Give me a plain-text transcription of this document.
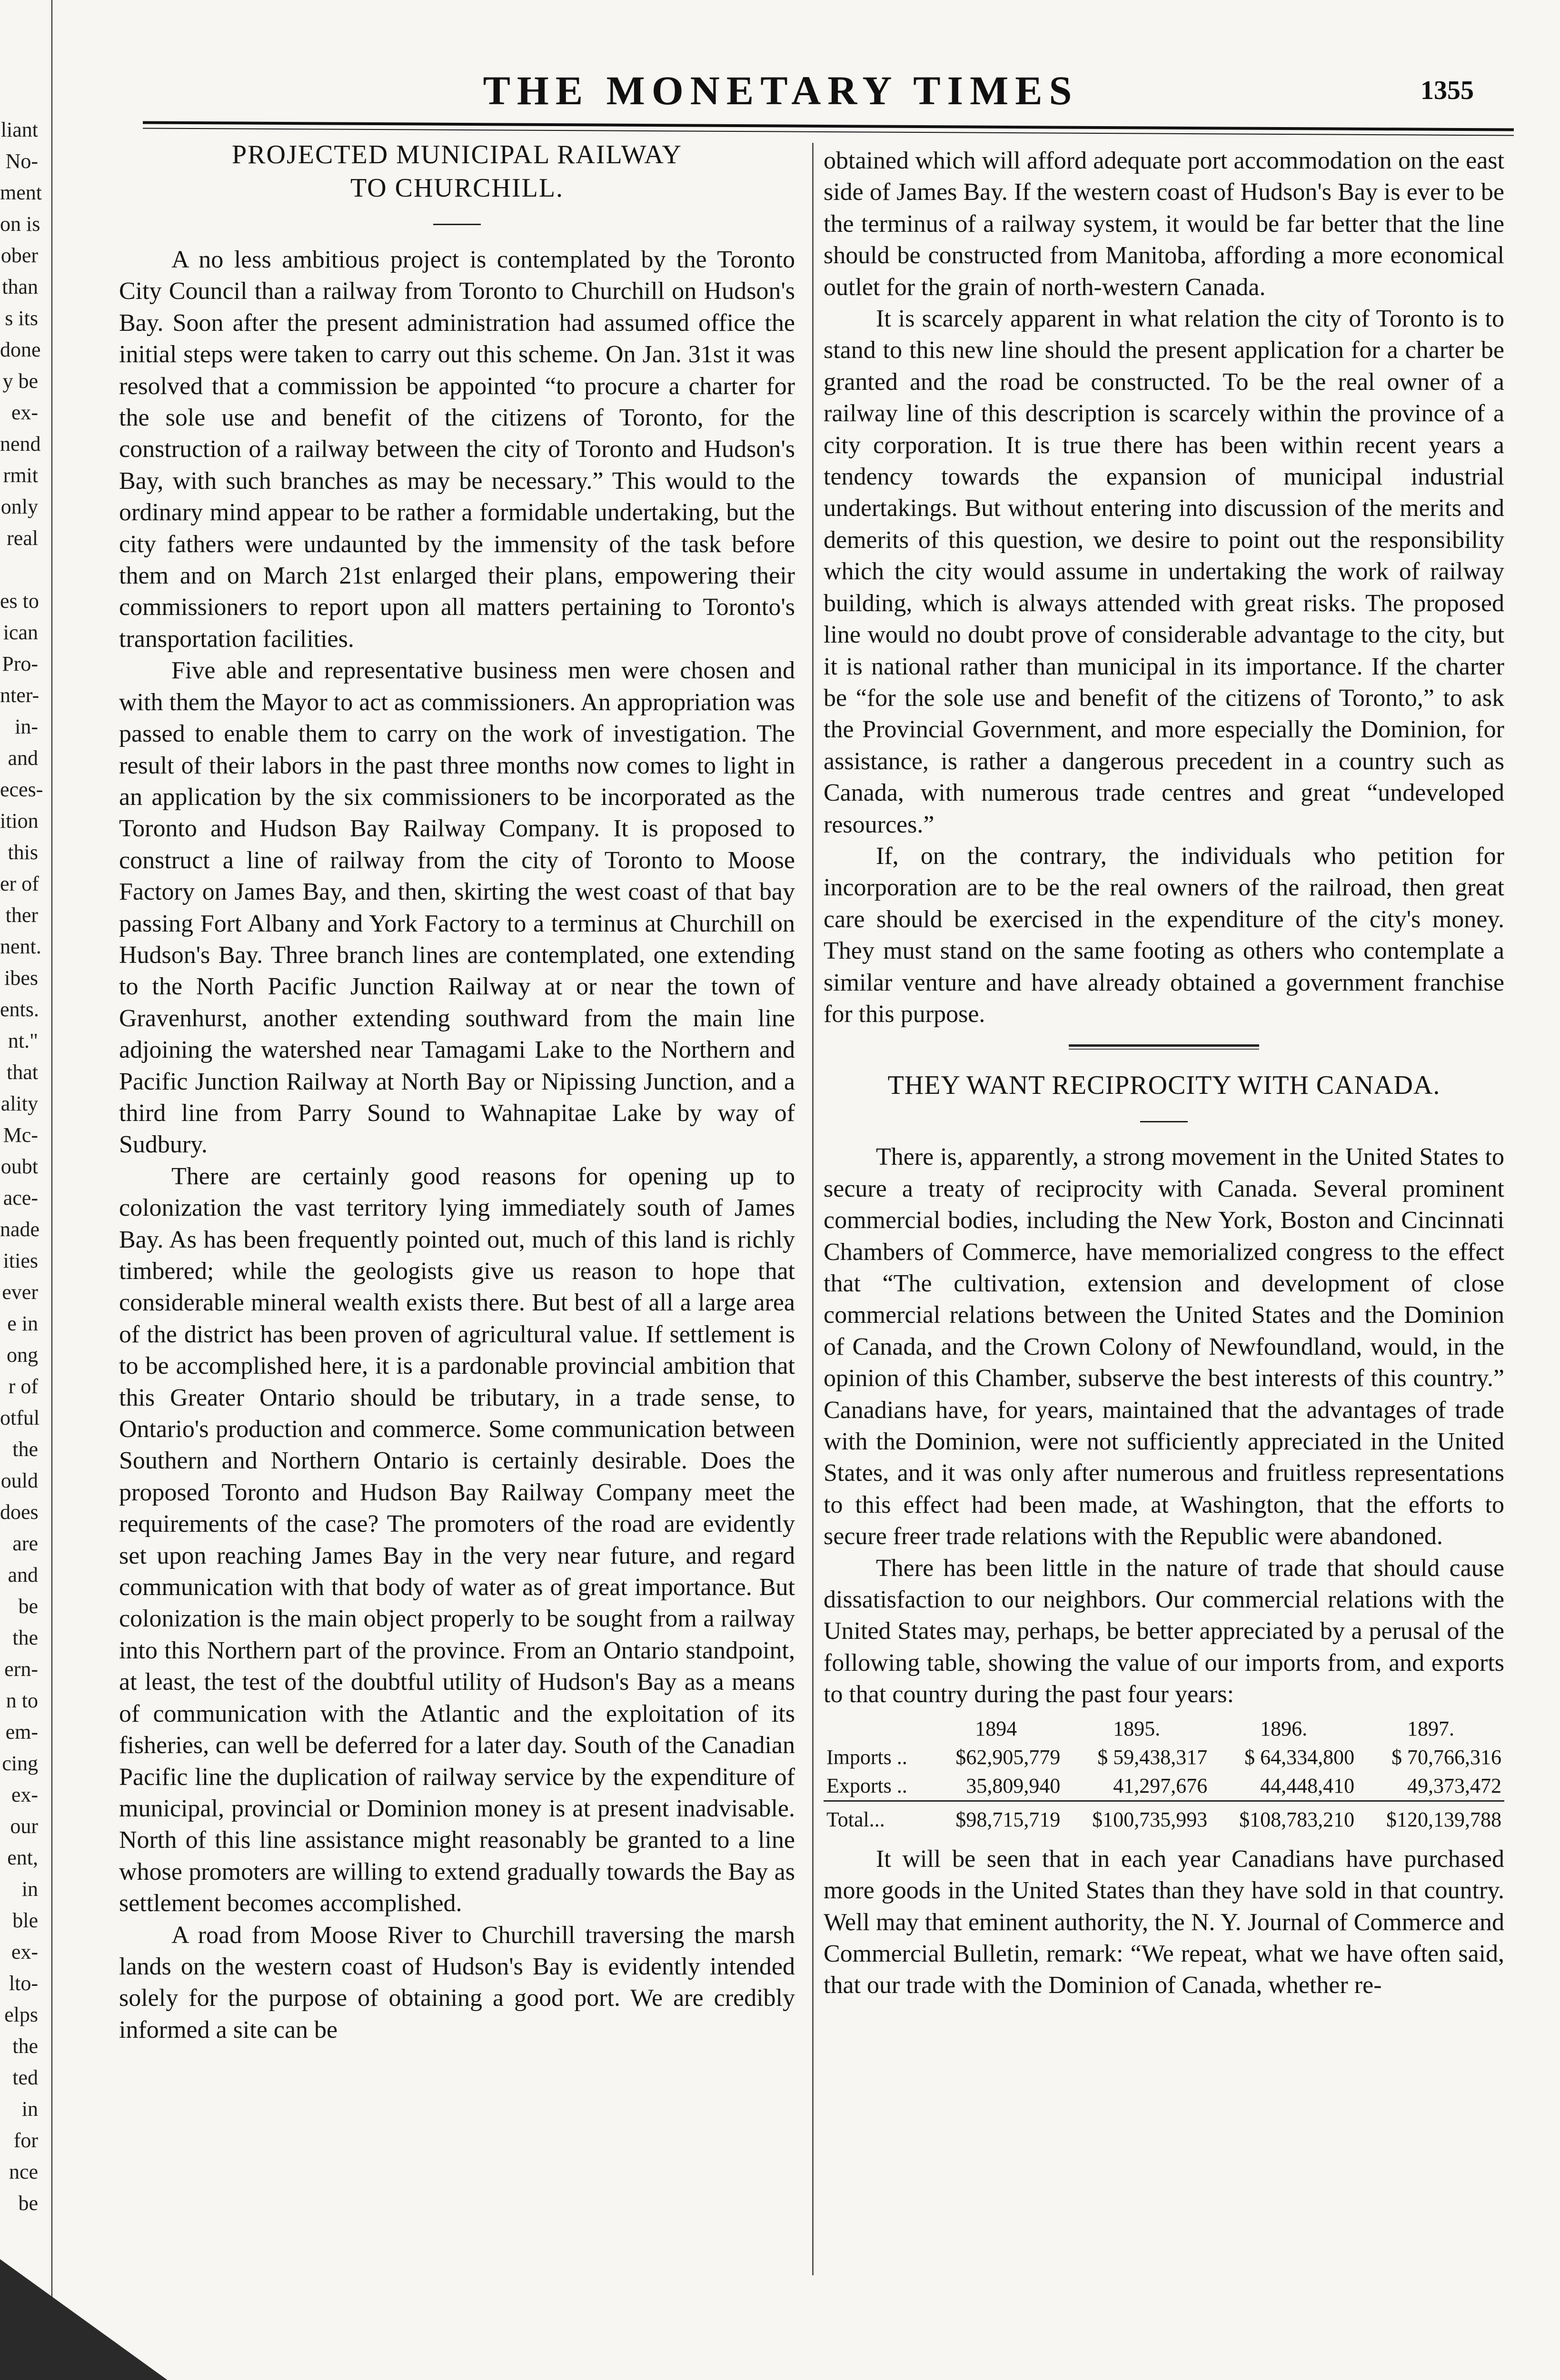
liant
No-
ment
on is
ober
than
s its
done
y be
ex-
nend
rmit
only
real
es to
ican
Pro-
nter-
in-
and
eces-
ition
this
er of
ther
nent.
ibes
ents.
nt."
that
ality
Mc-
oubt
ace-
nade
ities
ever
e in
ong
r of
otful
the
ould
does
are
and
be
the
ern-
n to
em-
cing
ex-
our
ent,
in
ble
ex-
lto-
elps
the
ted
in
for
nce
be
THE MONETARY TIMES	1355
PROJECTED MUNICIPAL RAILWAY
TO CHURCHILL.

A no less ambitious project is contemplated by the Toronto City Council than a railway from Toronto to Churchill on Hudson's Bay. Soon after the present administration had assumed office the initial steps were taken to carry out this scheme. On Jan. 31st it was resolved that a commission be appointed “to procure a charter for the sole use and benefit of the citizens of Toronto, for the construction of a railway between the city of Toronto and Hudson's Bay, with such branches as may be necessary.” This would to the ordinary mind appear to be rather a formidable undertaking, but the city fathers were undaunted by the immensity of the task before them and on March 21st enlarged their plans, empowering their commissioners to report upon all matters pertaining to Toronto's transportation facilities.

Five able and representative business men were chosen and with them the Mayor to act as commissioners. An appropriation was passed to enable them to carry on the work of investigation. The result of their labors in the past three months now comes to light in an application by the six commissioners to be incorporated as the Toronto and Hudson Bay Railway Company. It is proposed to construct a line of railway from the city of Toronto to Moose Factory on James Bay, and then, skirting the west coast of that bay passing Fort Albany and York Factory to a terminus at Churchill on Hudson's Bay. Three branch lines are contemplated, one extending to the North Pacific Junction Railway at or near the town of Gravenhurst, another extending southward from the main line adjoining the watershed near Tamagami Lake to the Northern and Pacific Junction Railway at North Bay or Nipissing Junction, and a third line from Parry Sound to Wahnapitae Lake by way of Sudbury.

There are certainly good reasons for opening up to colonization the vast territory lying immediately south of James Bay. As has been frequently pointed out, much of this land is richly timbered; while the geologists give us reason to hope that considerable mineral wealth exists there. But best of all a large area of the district has been proven of agricultural value. If settlement is to be accomplished here, it is a pardonable provincial ambition that this Greater Ontario should be tributary, in a trade sense, to Ontario's production and commerce. Some communication between Southern and Northern Ontario is certainly desirable. Does the proposed Toronto and Hudson Bay Railway Company meet the requirements of the case? The promoters of the road are evidently set upon reaching James Bay in the very near future, and regard communication with that body of water as of great importance. But colonization is the main object properly to be sought from a railway into this Northern part of the province. From an Ontario standpoint, at least, the test of the doubtful utility of Hudson's Bay as a means of communication with the Atlantic and the exploitation of its fisheries, can well be deferred for a later day. South of the Canadian Pacific line the duplication of railway service by the expenditure of municipal, provincial or Dominion money is at present inadvisable. North of this line assistance might reasonably be granted to a line whose promoters are willing to extend gradually towards the Bay as settlement becomes accomplished.

A road from Moose River to Churchill traversing the marsh lands on the western coast of Hudson's Bay is evidently intended solely for the purpose of obtaining a good port. We are credibly informed a site can be

obtained which will afford adequate port accommodation on the east side of James Bay. If the western coast of Hudson's Bay is ever to be the terminus of a railway system, it would be far better that the line should be constructed from Manitoba, affording a more economical outlet for the grain of north-western Canada.

It is scarcely apparent in what relation the city of Toronto is to stand to this new line should the present application for a charter be granted and the road be constructed. To be the real owner of a railway line of this description is scarcely within the province of a city corporation. It is true there has been within recent years a tendency towards the expansion of municipal industrial undertakings. But without entering into discussion of the merits and demerits of this question, we desire to point out the responsibility which the city would assume in undertaking the work of railway building, which is always attended with great risks. The proposed line would no doubt prove of considerable advantage to the city, but it is national rather than municipal in its importance. If the charter be “for the sole use and benefit of the citizens of Toronto,” to ask the Provincial Government, and more especially the Dominion, for assistance, is rather a dangerous precedent in a country such as Canada, with numerous trade centres and great “undeveloped resources.”

If, on the contrary, the individuals who petition for incorporation are to be the real owners of the railroad, then great care should be exercised in the expenditure of the city's money. They must stand on the same footing as others who contemplate a similar venture and have already obtained a government franchise for this purpose.

THEY WANT RECIPROCITY WITH CANADA.

There is, apparently, a strong movement in the United States to secure a treaty of reciprocity with Canada. Several prominent commercial bodies, including the New York, Boston and Cincinnati Chambers of Commerce, have memorialized congress to the effect that “The cultivation, extension and development of close commercial relations between the United States and the Dominion of Canada, and the Crown Colony of Newfoundland, would, in the opinion of this Chamber, subserve the best interests of this country.” Canadians have, for years, maintained that the advantages of trade with the Dominion, were not sufficiently appreciated in the United States, and it was only after numerous and fruitless representations to this effect had been made, at Washington, that the efforts to secure freer trade relations with the Republic were abandoned.

There has been little in the nature of trade that should cause dissatisfaction to our neighbors. Our commercial relations with the United States may, perhaps, be better appreciated by a perusal of the following table, showing the value of our imports from, and exports to that country during the past four years:

	1894	1895.	1896.	1897.
Imports ..	$62,905,779	$ 59,438,317	$ 64,334,800	$ 70,766,316
Exports ..	35,809,940	41,297,676	44,448,410	49,373,472
Total...	$98,715,719	$100,735,993	$108,783,210	$120,139,788

It will be seen that in each year Canadians have purchased more goods in the United States than they have sold in that country. Well may that eminent authority, the N. Y. Journal of Commerce and Commercial Bulletin, remark: “We repeat, what we have often said, that our trade with the Dominion of Canada, whether re-
